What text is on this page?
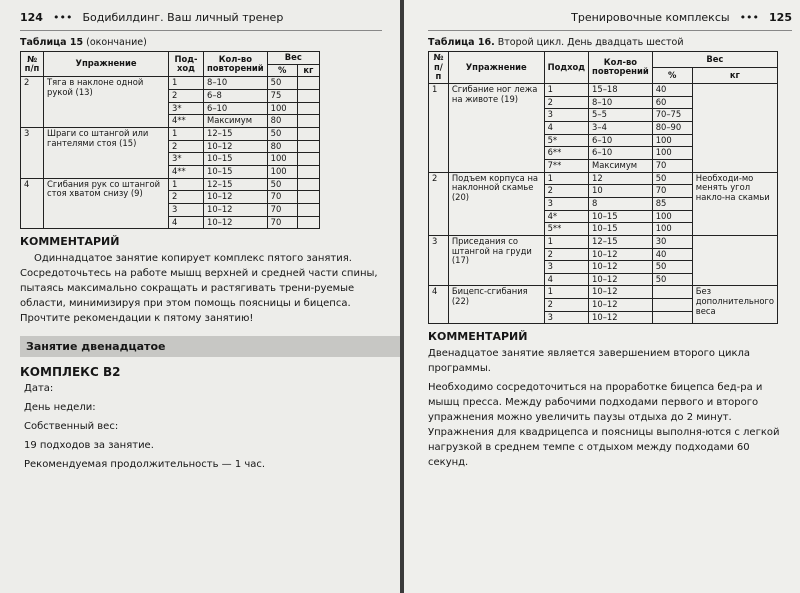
124 ••• Бодибилдинг. Ваш личный тренер
Таблица 15 (окончание)
№ п/п	Упражнение	Под-ход	Кол-во повторений	Вес	
				%	кг
2	Тяга в наклоне одной рукой (13)	1	8–10	50	
		2	6–8	75	
		3*	6–10	100	
		4**	Максимум	80	
3	Шраги со штангой или гантелями стоя (15)	1	12–15	50	
		2	10–12	80	
		3*	10–15	100	
		4**	10–15	100	
4	Сгибания рук со штангой стоя хватом снизу (9)	1	12–15	50	
		2	10–12	70	
		3	10–12	70	
		4	10–12	70	
КОММЕНТАРИЙ

Одиннадцатое занятие копирует комплекс пятого занятия. Сосредоточьтесь на работе мышц верхней и средней части спины, пытаясь максимально сокращать и растягивать трени-руемые области, минимизируя при этом помощь поясницы и бицепса. Прочтите рекомендации к пятому занятию!

Занятие двенадцатое
КОМПЛЕКС В2
Дата:
День недели:
Собственный вес:
19 подходов за занятие.
Рекомендуемая продолжительность — 1 час.
Тренировочные комплексы ••• 125
Таблица 16. Второй цикл. День двадцать шестой
№ п/п	Упражнение	Подход	Кол-во повторений	Вес	
				%	кг
1	Сгибание ног лежа на животе (19)	1	15–18	40	
		2	8–10	60	
		3	5–5	70–75	
		4	3–4	80–90	
		5*	6–10	100	
		6**	6–10	100	
		7**	Максимум	70	
2	Подъем корпуса на наклонной скамье (20)	1	12	50	Необходи-мо менять угол накло-на скамьи
		2	10	70	
		3	8	85	
		4*	10–15	100	
		5**	10–15	100	
3	Приседания со штангой на груди (17)	1	12–15	30	
		2	10–12	40	
		3	10–12	50	
		4	10–12	50	
4	Бицепс-сгибания (22)	1	10–12		Без дополнительного веса
		2	10–12		
		3	10–12		
КОММЕНТАРИЙ

Двенадцатое занятие является завершением второго цикла программы.

Необходимо сосредоточиться на проработке бицепса бед-ра и мышц пресса. Между рабочими подходами первого и второго упражнения можно увеличить паузы отдыха до 2 минут. Упражнения для квадрицепса и поясницы выполня-ются с легкой нагрузкой в среднем темпе с отдыхом между подходами 60 секунд.
